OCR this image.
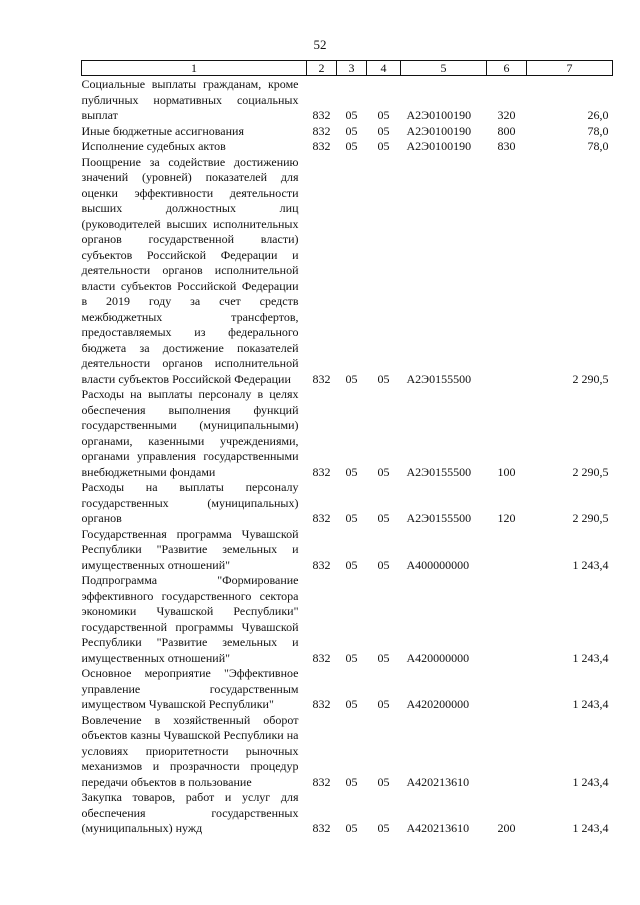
52
1	2	3	4	5	6	7
Социальные выплаты гражданам, кроме публичных нормативных социальных выплат	832	05	05	А2Э0100190	320	26,0
Иные бюджетные ассигнования	832	05	05	А2Э0100190	800	78,0
Исполнение судебных актов	832	05	05	А2Э0100190	830	78,0
Поощрение за содействие достижению значений (уровней) показателей для оценки эффективности деятельности высших должностных лиц (руководителей высших исполнительных органов государственной власти) субъектов Российской Федерации и деятельности органов исполнительной власти субъектов Российской Федерации в 2019 году за счет средств межбюджетных трансфертов, предоставляемых из федерального бюджета за достижение показателей деятельности органов исполнительной власти субъектов Российской Федерации	832	05	05	А2Э0155500		2 290,5
Расходы на выплаты персоналу в целях обеспечения выполнения функций государственными (муниципальными) органами, казенными учреждениями, органами управления государственными внебюджетными фондами	832	05	05	А2Э0155500	100	2 290,5
Расходы на выплаты персоналу государственных (муниципальных) органов	832	05	05	А2Э0155500	120	2 290,5
Государственная программа Чувашской Республики "Развитие земельных и имущественных отношений"	832	05	05	А400000000		1 243,4
Подпрограмма "Формирование эффективного государственного сектора экономики Чувашской Республики" государственной программы Чувашской Республики "Развитие земельных и имущественных отношений"	832	05	05	А420000000		1 243,4
Основное мероприятие "Эффективное управление государственным имуществом Чувашской Республики"	832	05	05	А420200000		1 243,4
Вовлечение в хозяйственный оборот объектов казны Чувашской Республики на условиях приоритетности рыночных механизмов и прозрачности процедур передачи объектов в пользование	832	05	05	А420213610		1 243,4
Закупка товаров, работ и услуг для обеспечения государственных (муниципальных) нужд	832	05	05	А420213610	200	1 243,4
